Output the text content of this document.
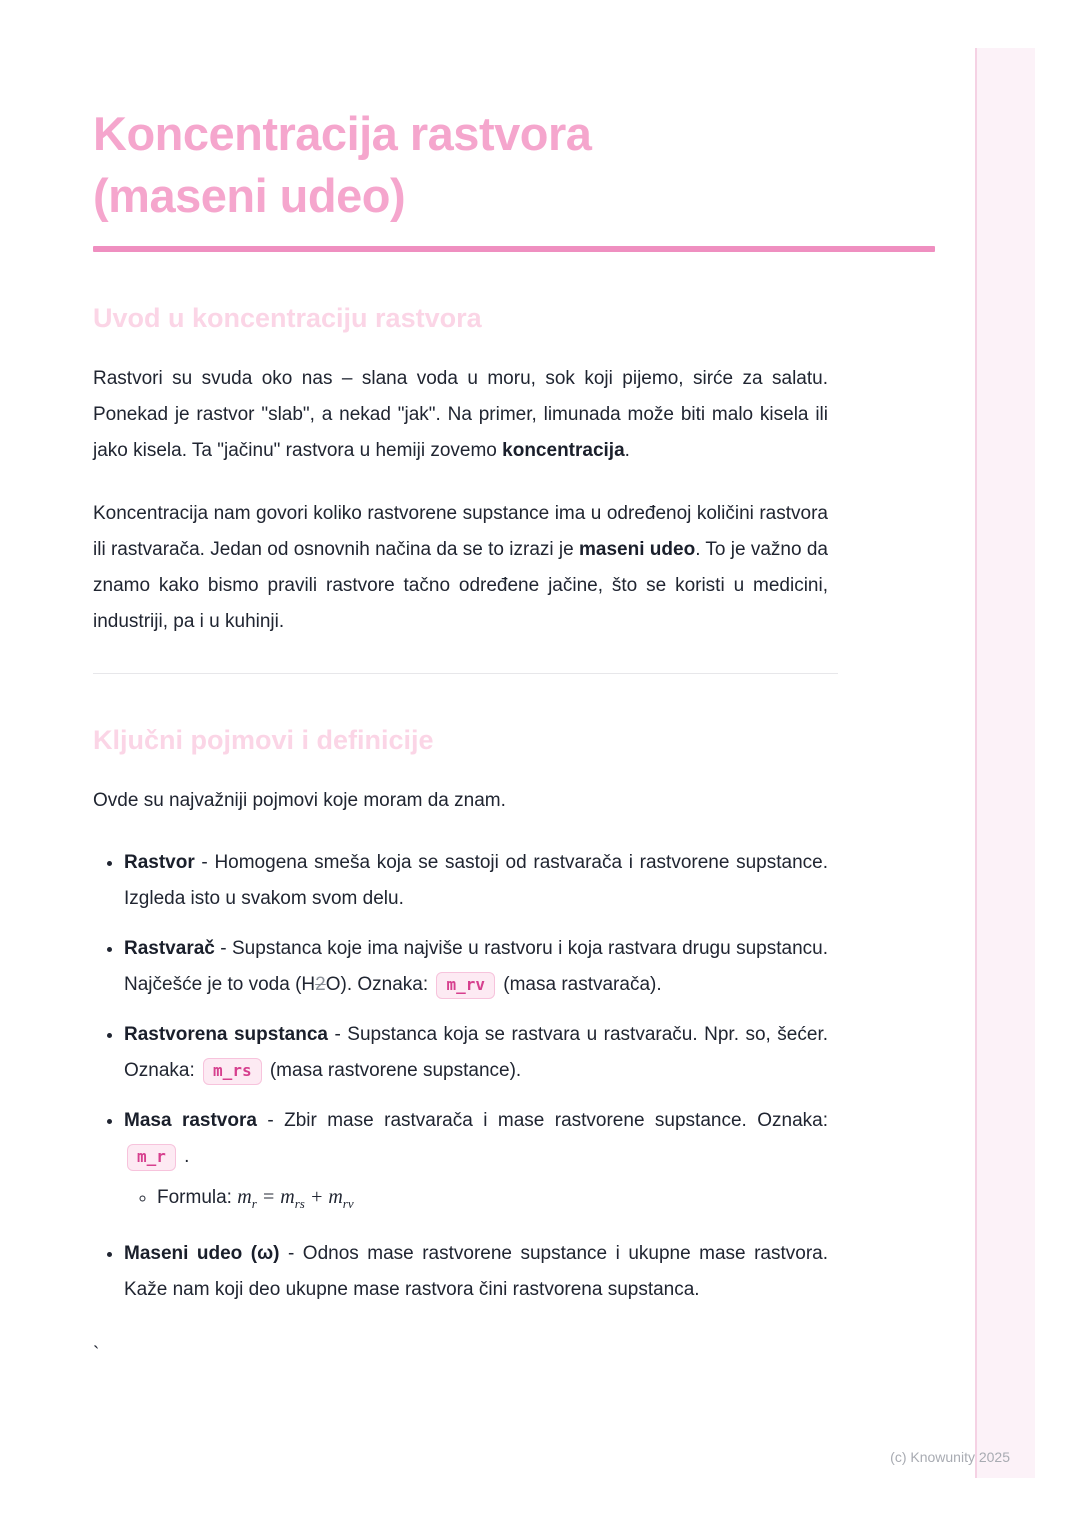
Koncentracija rastvora
(maseni udeo)
Uvod u koncentraciju rastvora

Rastvori su svuda oko nas – slana voda u moru, sok koji pijemo, sirće za salatu. Ponekad je rastvor "slab", a nekad "jak". Na primer, limunada može biti malo kisela ili jako kisela. Ta "jačinu" rastvora u hemiji zovemo koncentracija.

Koncentracija nam govori koliko rastvorene supstance ima u određenoj količini rastvora ili rastvarača. Jedan od osnovnih načina da se to izrazi je maseni udeo. To je važno da znamo kako bismo pravili rastvore tačno određene jačine, što se koristi u medicini, industriji, pa i u kuhinji.

Ključni pojmovi i definicije

Ovde su najvažniji pojmovi koje moram da znam.

• Rastvor - Homogena smeša koja se sastoji od rastvarača i rastvorene supstance. Izgleda isto u svakom svom delu.
• Rastvarač - Supstanca koje ima najviše u rastvoru i koja rastvara drugu supstancu. Najčešće je to voda (H2O). Oznaka: m_rv (masa rastvarača).
• Rastvorena supstanca - Supstanca koja se rastvara u rastvaraču. Npr. so, šećer. Oznaka: m_rs (masa rastvorene supstance).
• Masa rastvora - Zbir mase rastvarača i mase rastvorene supstance. Oznaka: m_r .
◦ Formula: $m_r = m_{rs} + m_{rv}$
• Maseni udeo (ω) - Odnos mase rastvorene supstance i ukupne mase rastvora. Kaže nam koji deo ukupne mase rastvora čini rastvorena supstanca.

`

(c) Knowunity 2025
